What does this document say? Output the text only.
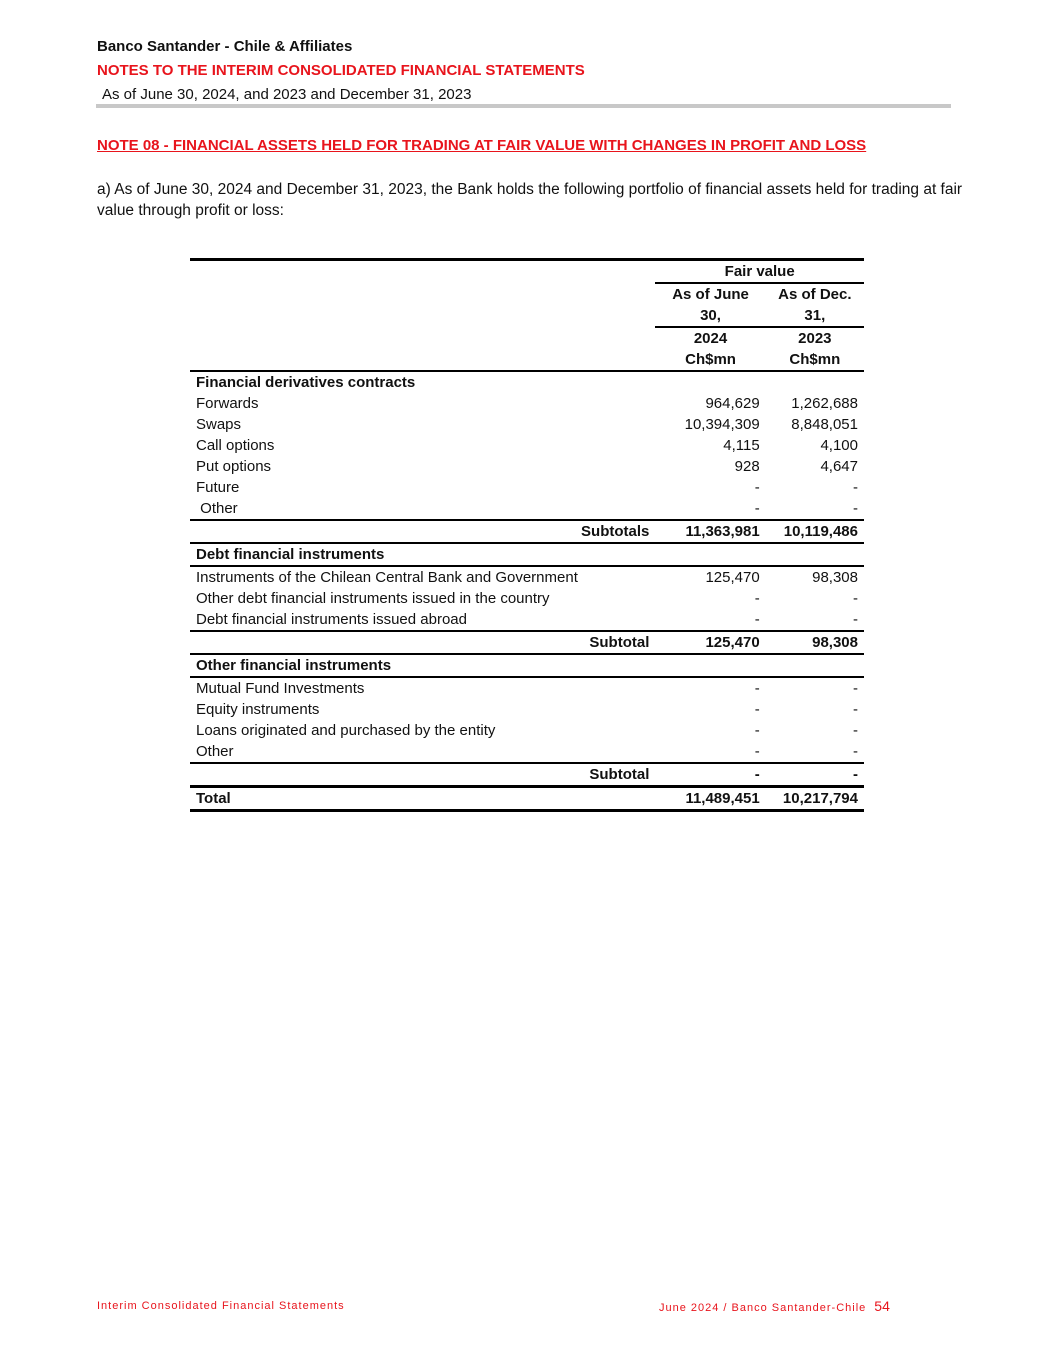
Banco Santander - Chile & Affiliates
NOTES TO THE INTERIM CONSOLIDATED FINANCIAL STATEMENTS
As of June 30, 2024, and 2023 and December 31, 2023
NOTE 08 - FINANCIAL ASSETS HELD FOR TRADING AT FAIR VALUE WITH CHANGES IN PROFIT AND LOSS
a) As of June 30, 2024 and December 31, 2023, the Bank holds the following portfolio of financial assets held for trading at fair value through profit or loss:
	Fair value	
	As of June	As of Dec.
	30,	31,
	2024	2023
	Ch$mn	Ch$mn
Financial derivatives contracts		
Forwards	964,629	1,262,688
Swaps	10,394,309	8,848,051
Call options	4,115	4,100
Put options	928	4,647
Future	-	-
Other	-	-
Subtotals	11,363,981	10,119,486
Debt financial instruments		
Instruments of the Chilean Central Bank and Government	125,470	98,308
Other debt financial instruments issued in the country	-	-
Debt financial instruments issued abroad	-	-
Subtotal	125,470	98,308
Other financial instruments		
Mutual Fund Investments	-	-
Equity instruments	-	-
Loans originated and purchased by the entity	-	-
Other	-	-
Subtotal	-	-
Total	11,489,451	10,217,794
Interim Consolidated Financial Statements	June 2024 / Banco Santander-Chile 54
